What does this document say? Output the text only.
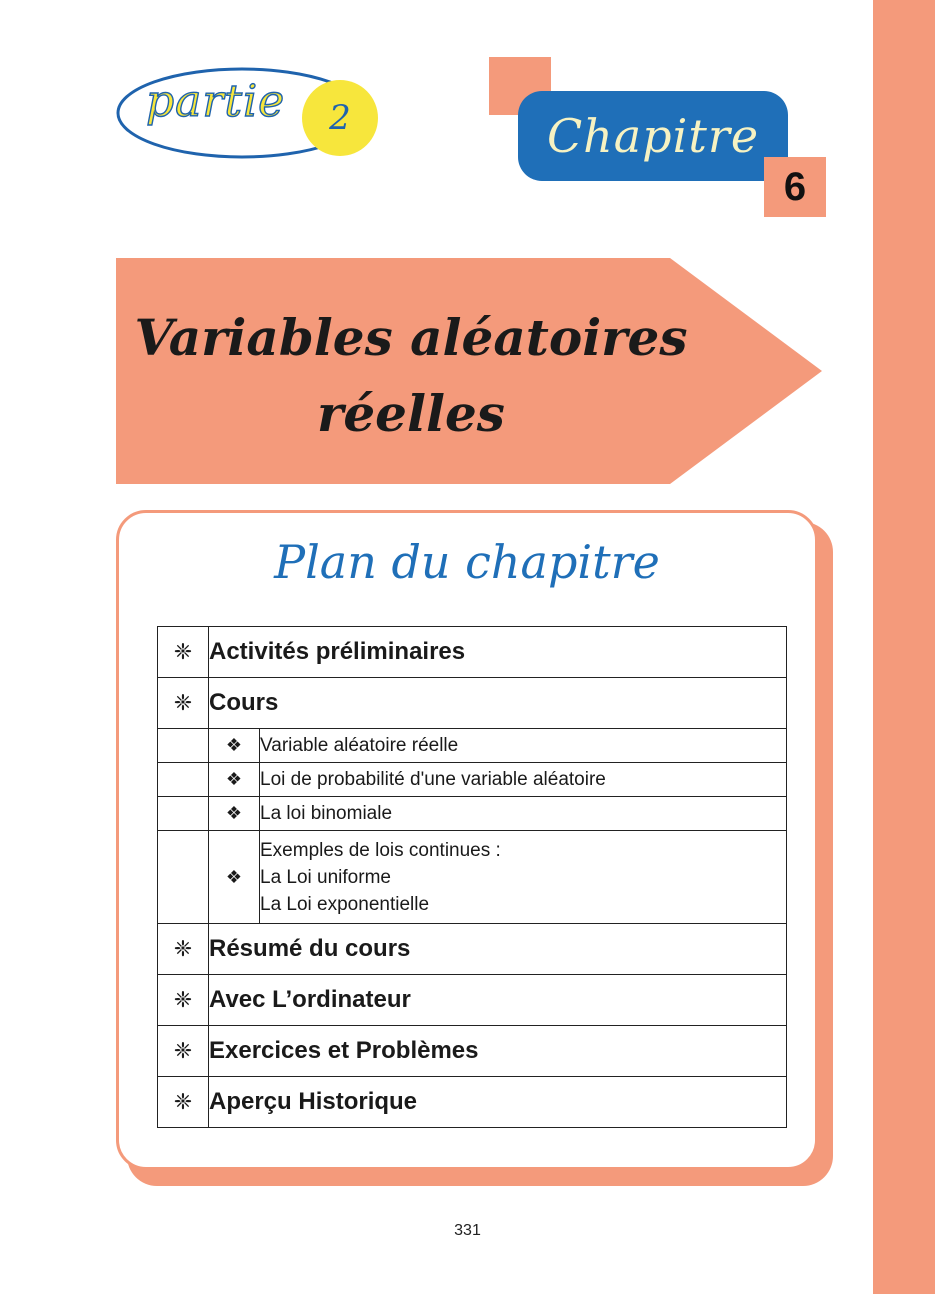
partie	2	Chapitre
6
Variables aléatoires
réelles
Plan du chapitre
❈	Activités préliminaires	
❈	Cours	
	❖	Variable aléatoire réelle
	❖	Loi de probabilité d'une variable aléatoire
	❖	La loi binomiale
	❖	Exemples de lois continues :
La Loi uniforme
La Loi exponentielle

❈	Résumé du cours	
❈	Avec L’ordinateur	
❈	Exercices et Problèmes	
❈	Aperçu Historique	
331
